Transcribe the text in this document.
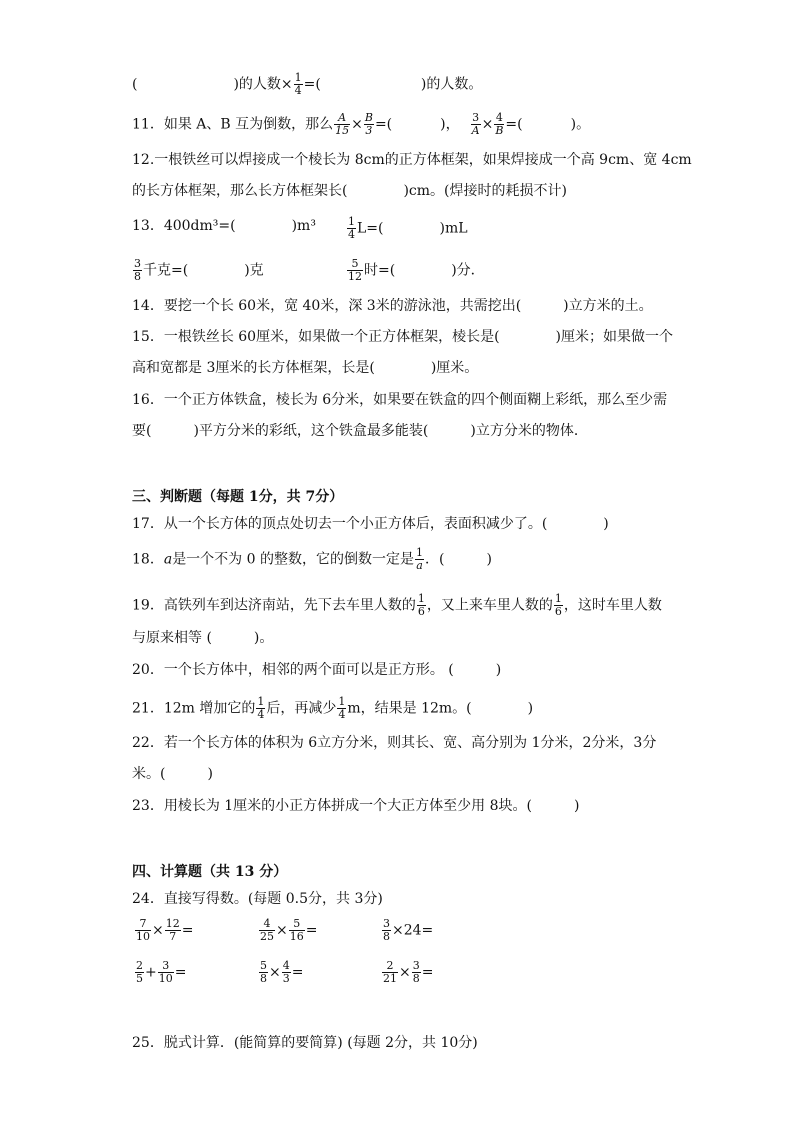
(	)的人数× $\frac{1}{4}$ =(	)的人数。
11．如果 A、B 互为倒数，那么 $\frac{A}{15} \times \frac{B}{3}$ =(	)， $\frac{3}{A} \times \frac{4}{B}$ =(	)。
12.一根铁丝可以焊接成一个棱长为 8cm的正方体框架，如果焊接成一个高 9cm、宽 4cm
的长方体框架，那么长方体框架长(　　　　)cm。(焊接时的耗损不计)
13．400dm³=(　　　　)m³	$\frac{1}{4} L=$(　　　　)mL
$\frac{3}{8}$ 千克=(　　　　)克	$\frac{5}{12}$ 时=(　　　　)分．
14．要挖一个长 60米，宽 40米，深 3米的游泳池，共需挖出(　　　)立方米的土。
15．一根铁丝长 60厘米，如果做一个正方体框架，棱长是(　　　　)厘米；如果做一个
高和宽都是 3厘米的长方体框架，长是(　　　　)厘米。
16．一个正方体铁盒，棱长为 6分米，如果要在铁盒的四个侧面糊上彩纸，那么至少需
要(　　　)平方分米的彩纸，这个铁盒最多能装(　　　)立方分米的物体．
三、判断题（每题 1分，共 7分）
17．从一个长方体的顶点处切去一个小正方体后，表面积减少了。(　　　　)
18．a是一个不为 0 的整数，它的倒数一定是 $\frac{1}{a}$ ．(　　　)
19．高铁列车到达济南站，先下去车里人数的 $\frac{1}{6}$ ，又上来车里人数的 $\frac{1}{6}$ ，这时车里人数
与原来相等 (　　　)。
20．一个长方体中，相邻的两个面可以是正方形。 (　　　)
21．12m 增加它的 $\frac{1}{4}$ 后，再减少 $\frac{1}{4}$ m，结果是 12m。(　　　　)
22．若一个长方体的体积为 6立方分米，则其长、宽、高分别为 1分米，2分米，3分
米。(　　　)
23．用棱长为 1厘米的小正方体拼成一个大正方体至少用 8块。(　　　)
四、计算题（共 13 分）
24．直接写得数。(每题 0.5分，共 3分)
$\frac{7}{10} \times \frac{12}{7}$ =	$\frac{4}{25} \times \frac{5}{16}$ =	$\frac{3}{8} \times 24=$
$\frac{2}{5} + \frac{3}{10}$ =	$\frac{5}{8} \times \frac{4}{3}$ =	$\frac{2}{21} \times \frac{3}{8}$ =
25．脱式计算．(能简算的要简算) (每题 2分，共 10分)
